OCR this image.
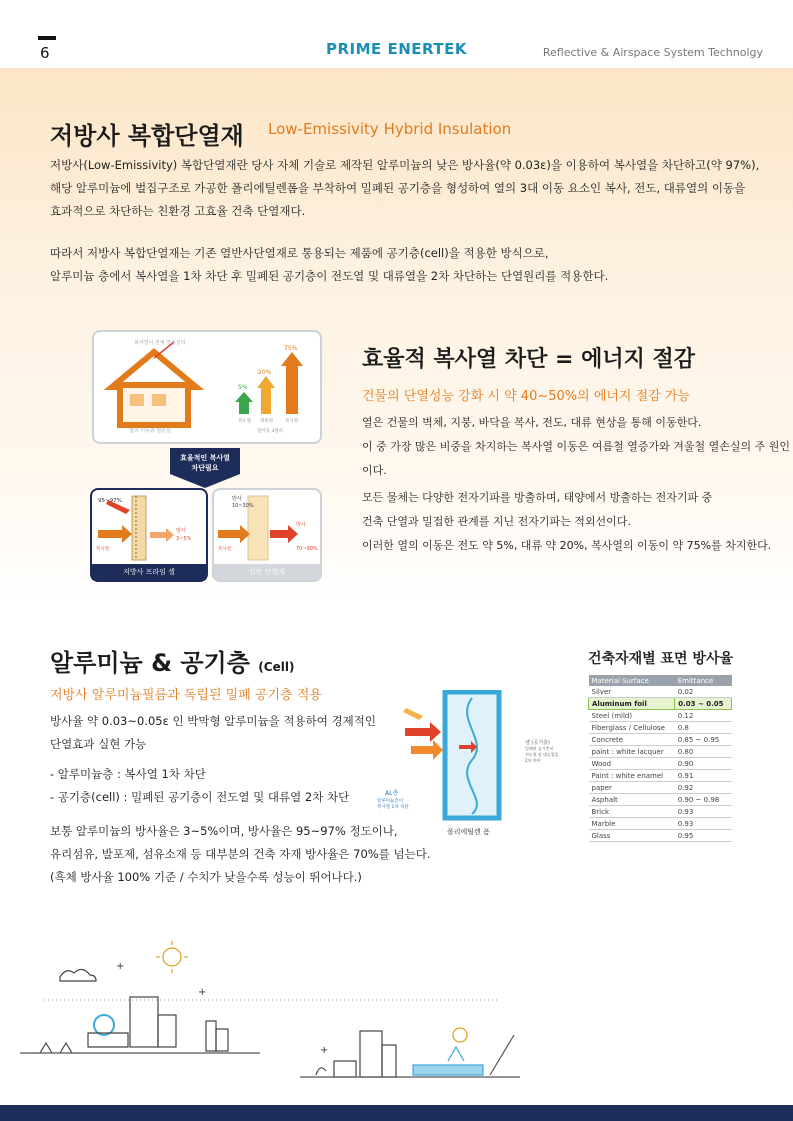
6	PRIME ENERTEK	Reflective & Airspace System Technolgy
저방사 복합단열재 Low-Emissivity Hybrid Insulation
저방사(Low-Emissivity) 복합단열재란 당사 자체 기술로 제작된 알루미늄의 낮은 방사율(약 0.03ε)을 이용하여 복사열을 차단하고(약 97%),
해당 알루미늄에 벌집구조로 가공한 폴리에틸렌폼을 부착하여 밀폐된 공기층을 형성하여 열의 3대 이동 요소인 복사, 전도, 대류열의 이동을
효과적으로 차단하는 친환경 고효율 건축 단열재다.
따라서 저방사 복합단열재는 기존 열반사단열재로 통용되는 제품에 공기층(cell)을 적용한 방식으로,
알루미늄 층에서 복사열을 1차 차단 후 밀폐된 공기층이 전도열 및 대류열을 2차 차단하는 단열원리를 적용한다.
복사열이 전체 열손실의
열의 이동과 열손실
5%
20%
75%
전도열 대류열	복사열
열이동 3원칙
효율적인 복사열
차단필요
95~97%
복사열
방사
3~5%
저방사 프라임 셀
반사
10~30%
복사열
방사
70~90%
일반 단열재
효율적 복사열 차단 = 에너지 절감
건물의 단열성능 강화 시 약 40~50%의 에너지 절감 가능
열은 건물의 벽체, 지붕, 바닥을 복사, 전도, 대류 현상을 통해 이동한다.
이 중 가장 많은 비중을 차지하는 복사열 이동은 여름철 열증가와 겨울철 열손실의 주 원인이다.
모든 물체는 다양한 전자기파를 방출하며, 태양에서 방출하는 전자기파 중
건축 단열과 밀접한 관계를 지닌 전자기파는 적외선이다.
이러한 열의 이동은 전도 약 5%, 대류 약 20%, 복사열의 이동이 약 75%를 차지한다.
알루미늄 & 공기층 (Cell)
저방사 알루미늄필름과 독립된 밀폐 공기층 적용
방사율 약 0.03~0.05ε 인 박막형 알루미늄을 적용하여 경제적인
단열효과 실현 가능
- 알루미늄층 : 복사열 1차 차단
- 공기층(cell) : 밀폐된 공기층이 전도열 및 대류열 2차 차단
보통 알루미늄의 방사율은 3~5%이며, 방사율은 95~97% 정도이나,
유리섬유, 발포제, 섬유소재 등 대부분의 건축 자재 방사율은 70%를 넘는다.
(흑체 방사율 100% 기준 / 수치가 낮을수록 성능이 뛰어나다.)
AL층
알루미늄층이
복사열 1차 차단
셀 (공기층)
밀폐된 공기층이
전도열 및 대류열을
2차 차단
폴리에틸렌 폼
건축자재별 표면 방사율
Material Surface	Emittance
Silver	0.02
Aluminum foil	0.03 ~ 0.05
Steel (mild)	0.12
Fiberglass / Cellulose	0.8
Concrete	0.85 ~ 0.95
paint : white lacquer	0.80
Wood	0.90
Paint : white enamel	0.91
paper	0.92
Asphalt	0.90 ~ 0.98
Brick	0.93
Marble	0.93
Glass	0.95
+
+
+
